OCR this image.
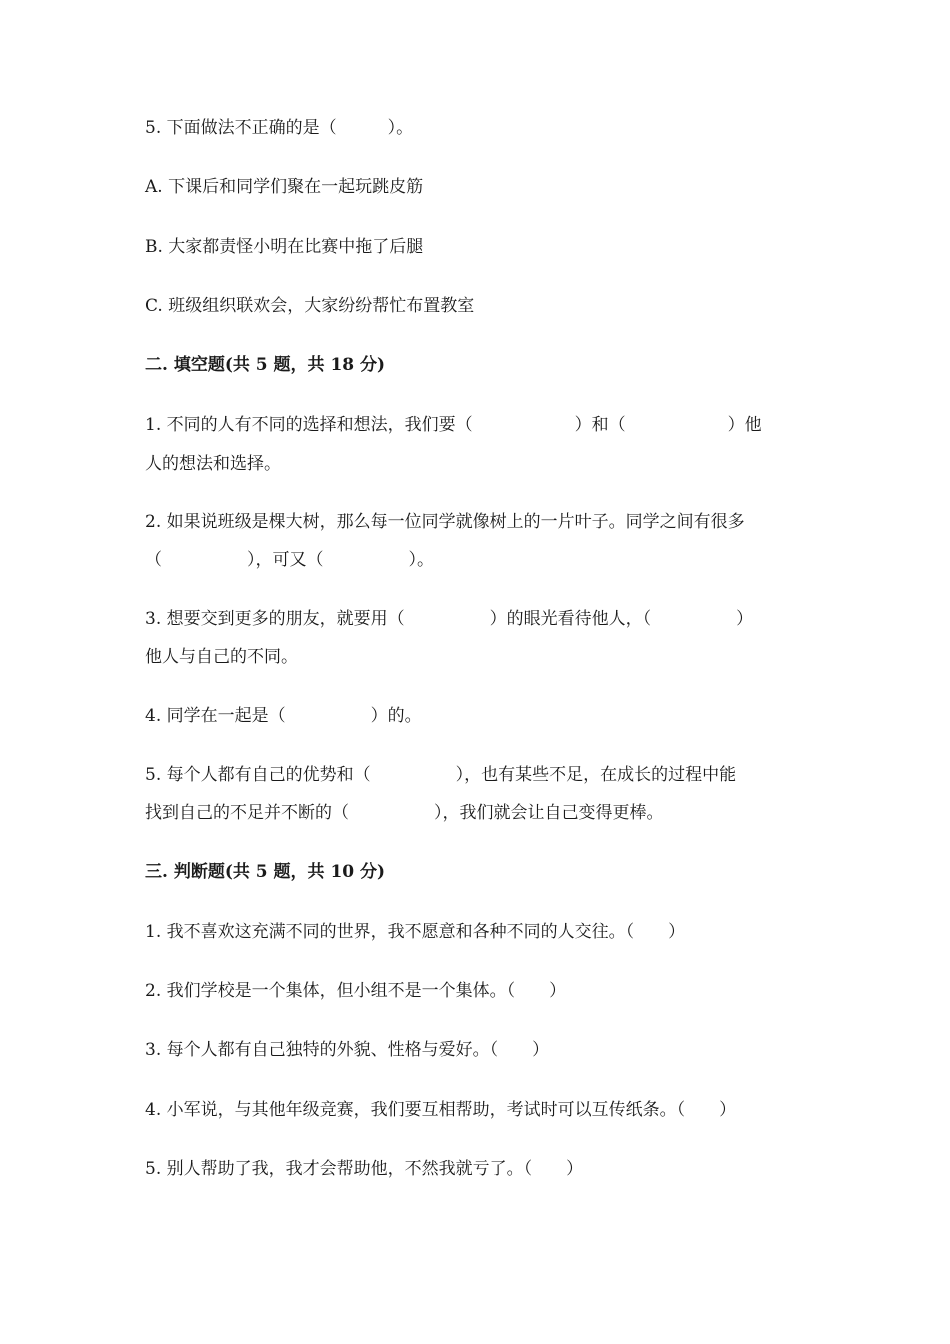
5. 下面做法不正确的是（　　　）。
A. 下课后和同学们聚在一起玩跳皮筋
B. 大家都责怪小明在比赛中拖了后腿
C. 班级组织联欢会，大家纷纷帮忙布置教室
二. 填空题(共 5 题，共 18 分)
1. 不同的人有不同的选择和想法，我们要（　　　　　　）和（　　　　　　）他
人的想法和选择。
2. 如果说班级是棵大树，那么每一位同学就像树上的一片叶子。同学之间有很多
（　　　　　），可又（　　　　　）。
3. 想要交到更多的朋友，就要用（　　　　　）的眼光看待他人，（　　　　　）
他人与自己的不同。
4. 同学在一起是（　　　　　）的。
5. 每个人都有自己的优势和（　　　　　），也有某些不足，在成长的过程中能
找到自己的不足并不断的（　　　　　），我们就会让自己变得更棒。
三. 判断题(共 5 题，共 10 分)
1. 我不喜欢这充满不同的世界，我不愿意和各种不同的人交往。（　　）
2. 我们学校是一个集体，但小组不是一个集体。（　　）
3. 每个人都有自己独特的外貌、性格与爱好。（　　）
4. 小军说，与其他年级竞赛，我们要互相帮助，考试时可以互传纸条。（　　）
5. 别人帮助了我，我才会帮助他，不然我就亏了。（　　）
